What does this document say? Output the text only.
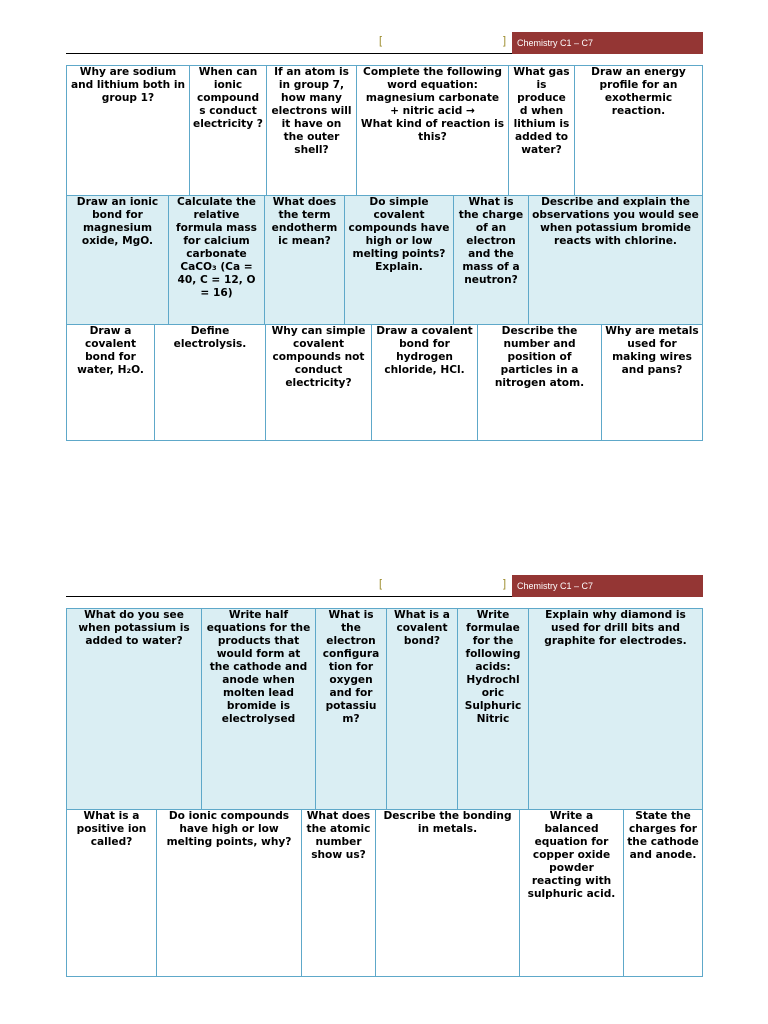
[	]	Chemistry C1 – C7
Why are sodium and lithium both in group 1?
When can ionic compound s conduct electricity ?
If an atom is in group 7, how many electrons will it have on the outer shell?
Complete the following word equation: magnesium carbonate + nitric acid →
What kind of reaction is this?
What gas is produce d when lithium is added to water?
Draw an energy profile for an exothermic reaction.
Draw an ionic bond for magnesium oxide, MgO.
Calculate the relative formula mass for calcium carbonate CaCO₃ (Ca = 40, C = 12, O = 16)
What does the term endotherm ic mean?
Do simple covalent compounds have high or low melting points? Explain.
What is the charge of an electron and the mass of a neutron?
Describe and explain the observations you would see when potassium bromide reacts with chlorine.
Draw a covalent bond for water, H₂O.
Define electrolysis.
Why can simple covalent compounds not conduct electricity?
Draw a covalent bond for hydrogen chloride, HCl.
Describe the number and position of particles in a nitrogen atom.
Why are metals used for making wires and pans?
[	]	Chemistry C1 – C7
What do you see when potassium is added to water?
Write half equations for the products that would form at the cathode and anode when molten lead bromide is electrolysed
What is the electron configura tion for oxygen and for potassiu m?
What is a covalent bond?
Write formulae for the following acids:
Hydrochl oric
Sulphuric
Nitric
Explain why diamond is used for drill bits and graphite for electrodes.
What is a positive ion called?
Do ionic compounds have high or low melting points, why?
What does the atomic number show us?
Describe the bonding in metals.
Write a balanced equation for copper oxide powder reacting with sulphuric acid.
State the charges for the cathode and anode.
